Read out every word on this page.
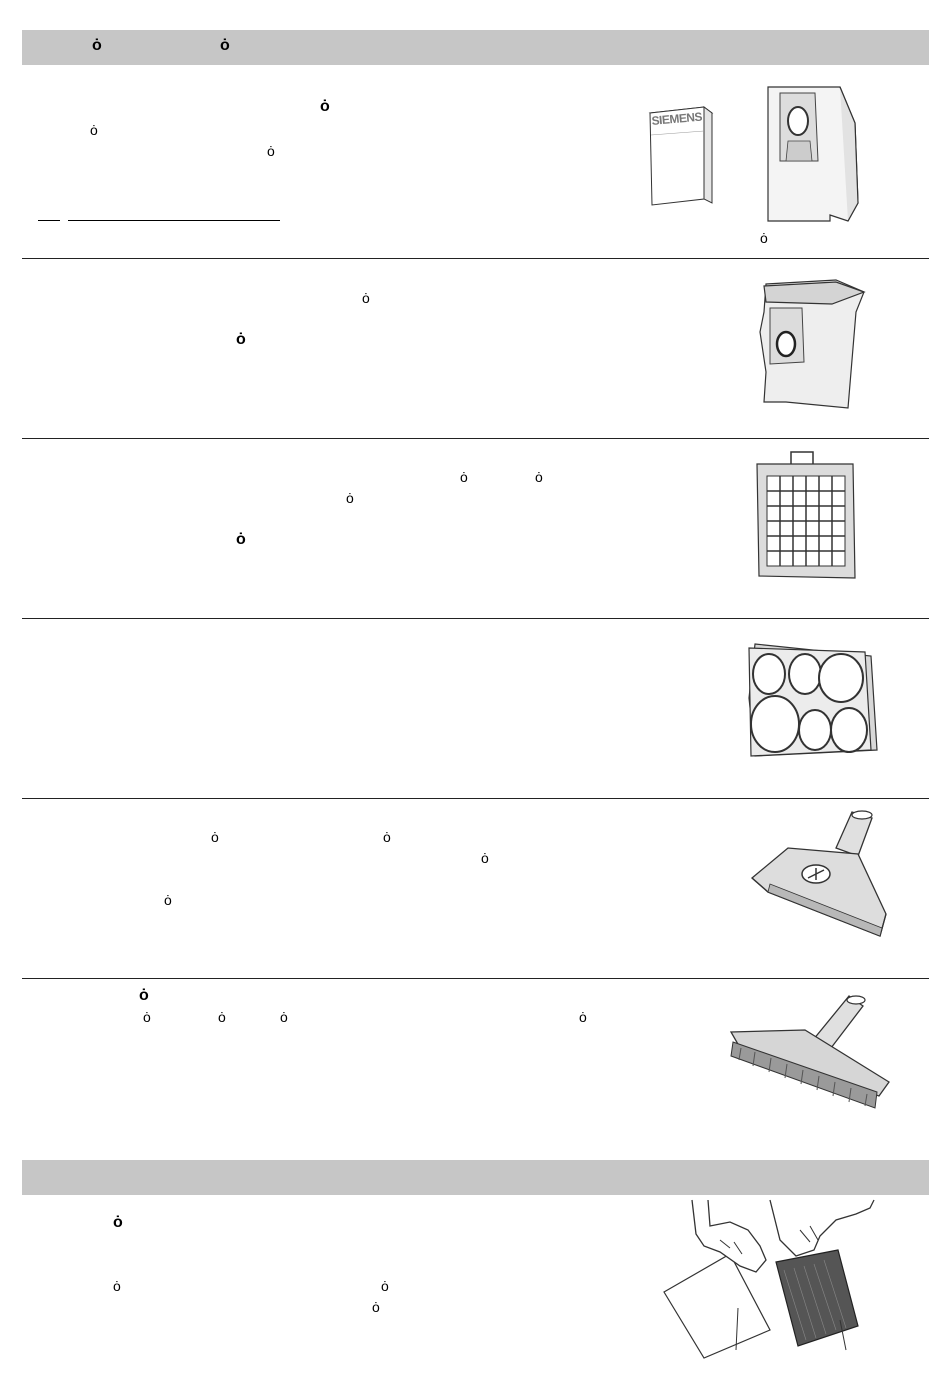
ȯ	ȯ
ȯ
ȯ
ȯ
SIEMENS
ȯ
ȯ
ȯ
ȯ	ȯ
ȯ
ȯ
ȯ	ȯ
ȯ
ȯ
ȯ
ȯ	ȯ	ȯ	ȯ
ȯ
ȯ	ȯ
ȯ
